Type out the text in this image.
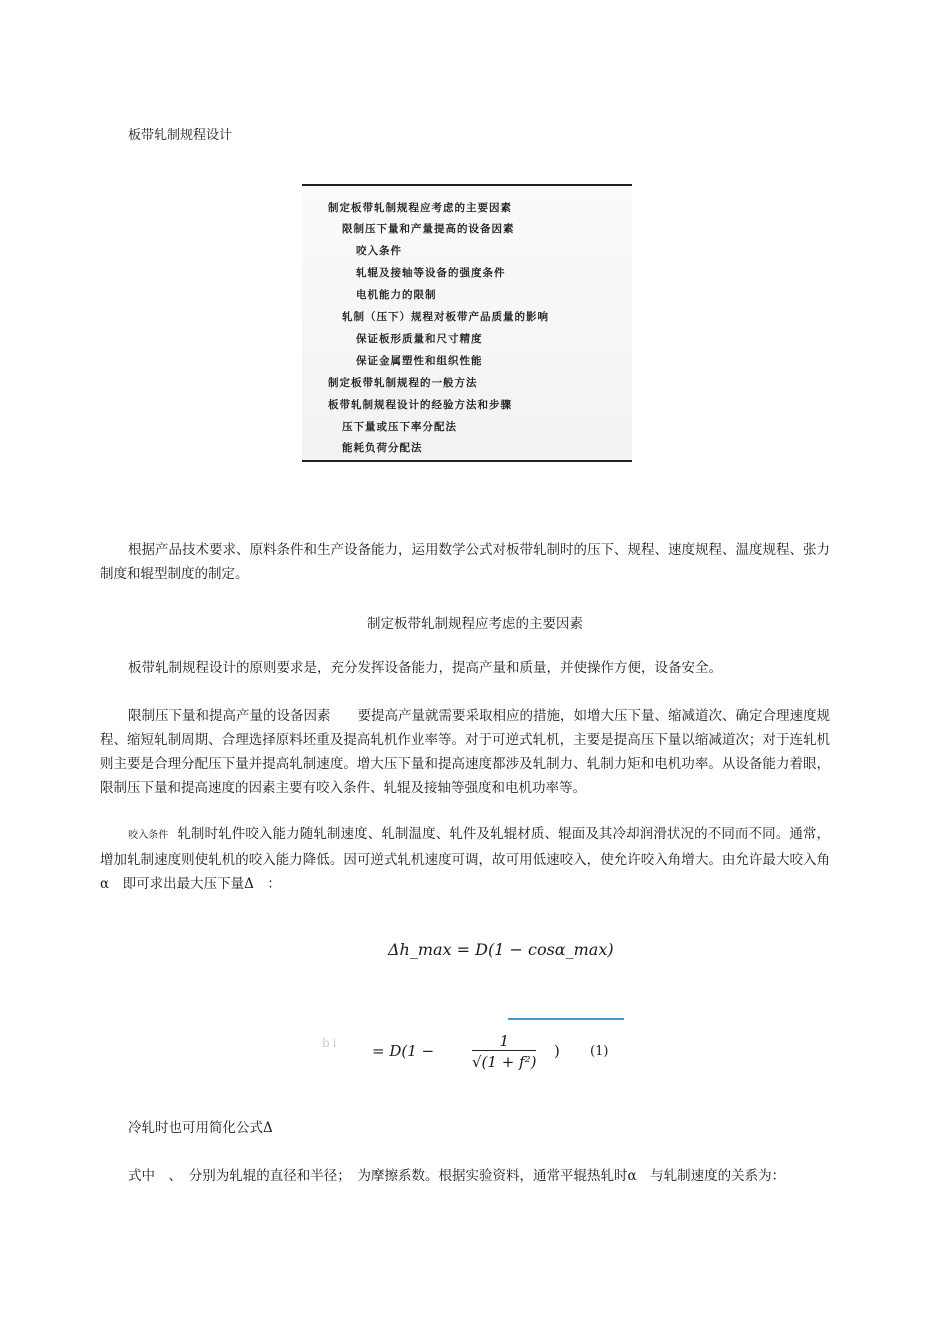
板带轧制规程设计
制定板带轧制规程应考虑的主要因素
限制压下量和产量提高的设备因素
咬入条件
轧辊及接轴等设备的强度条件
电机能力的限制
轧制（压下）规程对板带产品质量的影响
保证板形质量和尺寸精度
保证金属塑性和组织性能
制定板带轧制规程的一般方法
板带轧制规程设计的经验方法和步骤
压下量或压下率分配法
能耗负荷分配法
根据产品技术要求、原料条件和生产设备能力，运用数学公式对板带轧制时的压下、规程、速度规程、温度规程、张力制度和辊型制度的制定。
制定板带轧制规程应考虑的主要因素
板带轧制规程设计的原则要求是，充分发挥设备能力，提高产量和质量，并使操作方便，设备安全。
限制压下量和提高产量的设备因素　　要提高产量就需要采取相应的措施，如增大压下量、缩减道次、确定合理速度规程、缩短轧制周期、合理选择原料坯重及提高轧机作业率等。对于可逆式轧机，主要是提高压下量以缩减道次；对于连轧机则主要是合理分配压下量并提高轧制速度。增大压下量和提高速度都涉及轧制力、轧制力矩和电机功率。从设备能力着眼，限制压下量和提高速度的因素主要有咬入条件、轧辊及接轴等强度和电机功率等。
咬入条件 轧制时轧件咬入能力随轧制速度、轧制温度、轧件及轧辊材质、辊面及其冷却润滑状况的不同而不同。通常，增加轧制速度则使轧机的咬入能力降低。因可逆式轧机速度可调，故可用低速咬入，使允许咬入角增大。由允许最大咬入角α　即可求出最大压下量Δ　：
Δh_max = D(1 − cosα_max)
b↓ = D(1 −	$\frac{1}{\text{√(1 + f²)}}$ ) (1)
冷轧时也可用简化公式Δ
式中　、　分别为轧辊的直径和半径；　为摩擦系数。根据实验资料，通常平辊热轧时α　与轧制速度的关系为：
